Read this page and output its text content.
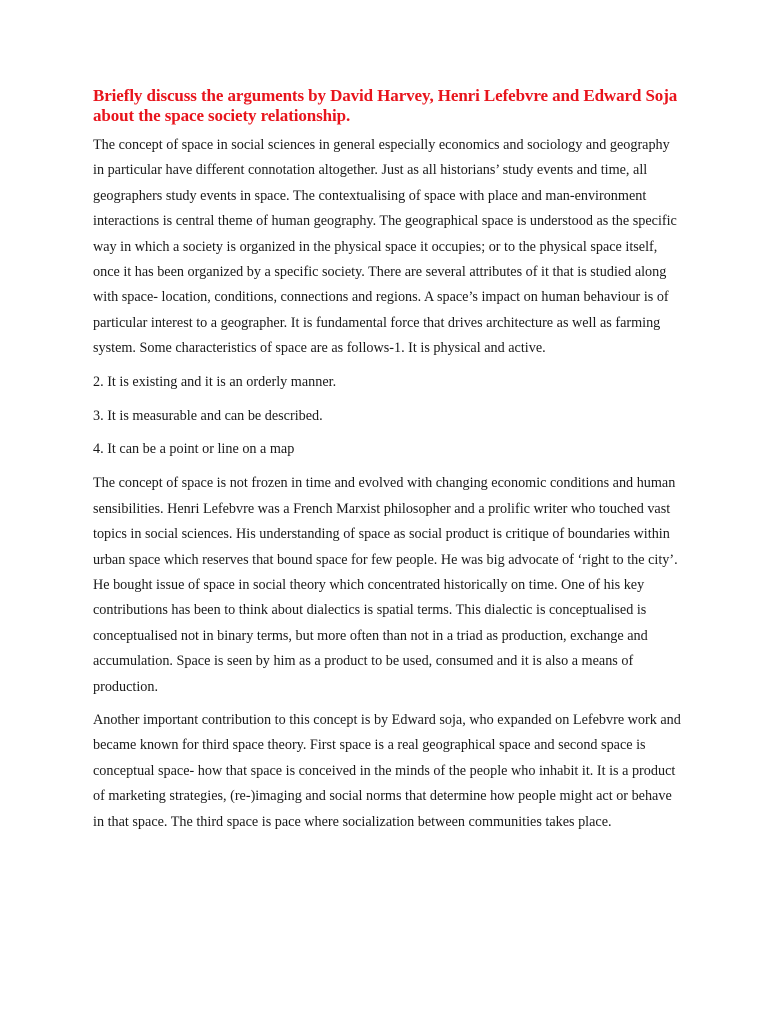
Briefly discuss the arguments by David Harvey, Henri Lefebvre and Edward Soja about the space society relationship.

The concept of space in social sciences in general especially economics and sociology and geography in particular have different connotation altogether. Just as all historians’ study events and time, all geographers study events in space. The contextualising of space with place and man-environment interactions is central theme of human geography. The geographical space is understood as the specific way in which a society is organized in the physical space it occupies; or to the physical space itself, once it has been organized by a specific society. There are several attributes of it that is studied along with space- location, conditions, connections and regions. A space’s impact on human behaviour is of particular interest to a geographer. It is fundamental force that drives architecture as well as farming system. Some characteristics of space are as follows-1. It is physical and active.

2. It is existing and it is an orderly manner.

3. It is measurable and can be described.

4. It can be a point or line on a map

The concept of space is not frozen in time and evolved with changing economic conditions and human sensibilities. Henri Lefebvre was a French Marxist philosopher and a prolific writer who touched vast topics in social sciences. His understanding of space as social product is critique of boundaries within urban space which reserves that bound space for few people. He was big advocate of ‘right to the city’. He bought issue of space in social theory which concentrated historically on time. One of his key contributions has been to think about dialectics is spatial terms. This dialectic is conceptualised is conceptualised not in binary terms, but more often than not in a triad as production, exchange and accumulation. Space is seen by him as a product to be used, consumed and it is also a means of production.

Another important contribution to this concept is by Edward soja, who expanded on Lefebvre work and became known for third space theory. First space is a real geographical space and second space is conceptual space- how that space is conceived in the minds of the people who inhabit it. It is a product of marketing strategies, (re-)imaging and social norms that determine how people might act or behave in that space. The third space is pace where socialization between communities takes place.
